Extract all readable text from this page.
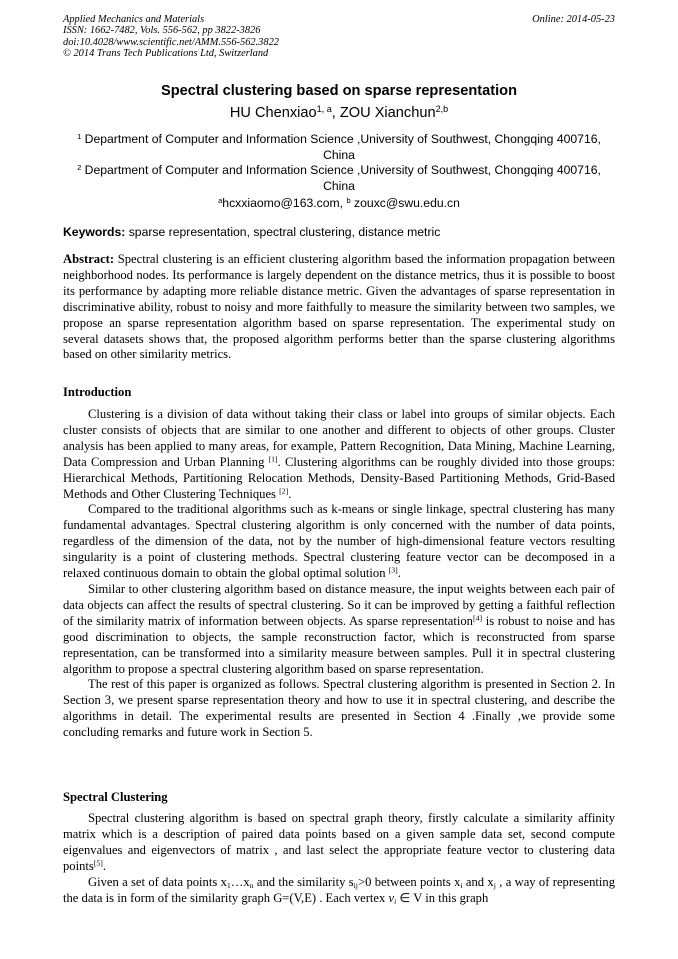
Applied Mechanics and Materials
ISSN: 1662-7482, Vols. 556-562, pp 3822-3826
doi:10.4028/www.scientific.net/AMM.556-562.3822
© 2014 Trans Tech Publications Ltd, Switzerland
Online: 2014-05-23
Spectral clustering based on sparse representation
HU Chenxiao$^{1, a}$, ZOU Xianchun$^{2,b}$
$^1$ Department of Computer and Information Science ,University of Southwest, Chongqing 400716, China
$^2$ Department of Computer and Information Science ,University of Southwest, Chongqing 400716, China
$^a$hcxxiaomo@163.com, $^b$ zouxc@swu.edu.cn
Keywords: sparse representation, spectral clustering, distance metric
Abstract: Spectral clustering is an efficient clustering algorithm based the information propagation between neighborhood nodes. Its performance is largely dependent on the distance metrics, thus it is possible to boost its performance by adapting more reliable distance metric. Given the advantages of sparse representation in discriminative ability, robust to noisy and more faithfully to measure the similarity between two samples, we propose an sparse representation algorithm based on sparse representation. The experimental study on several datasets shows that, the proposed algorithm performs better than the sparse clustering algorithms based on other similarity metrics.
Introduction

Clustering is a division of data without taking their class or label into groups of similar objects. Each cluster consists of objects that are similar to one another and different to objects of other groups. Cluster analysis has been applied to many areas, for example, Pattern Recognition, Data Mining, Machine Learning, Data Compression and Urban Planning [1]. Clustering algorithms can be roughly divided into those groups: Hierarchical Methods, Partitioning Relocation Methods, Density-Based Partitioning Methods, Grid-Based Methods and Other Clustering Techniques [2].

Compared to the traditional algorithms such as k-means or single linkage, spectral clustering has many fundamental advantages. Spectral clustering algorithm is only concerned with the number of data points, regardless of the dimension of the data, not by the number of high-dimensional feature vectors resulting singularity is a point of clustering methods. Spectral clustering feature vector can be decomposed in a relaxed continuous domain to obtain the global optimal solution [3].

Similar to other clustering algorithm based on distance measure, the input weights between each pair of data objects can affect the results of spectral clustering. So it can be improved by getting a faithful reflection of the similarity matrix of information between objects. As sparse representation[4] is robust to noise and has good discrimination to objects, the sample reconstruction factor, which is reconstructed from sparse representation, can be transformed into a similarity measure between samples. Pull it in spectral clustering algorithm to propose a spectral clustering algorithm based on sparse representation.

The rest of this paper is organized as follows. Spectral clustering algorithm is presented in Section 2. In Section 3, we present sparse representation theory and how to use it in spectral clustering, and describe the algorithms in detail. The experimental results are presented in Section 4 .Finally ,we provide some concluding remarks and future work in Section 5.

Spectral Clustering

Spectral clustering algorithm is based on spectral graph theory, firstly calculate a similarity affinity matrix which is a description of paired data points based on a given sample data set, second compute eigenvalues and eigenvectors of matrix , and last select the appropriate feature vector to clustering data points[5].

Given a set of data points $x_1\dots x_n$ and the similarity $s_{ij}>0$ between points $x_i$ and $x_j$ , a way of representing the data is in form of the similarity graph G=(V,E) . Each vertex $v_i$ ∈ V in this graph
